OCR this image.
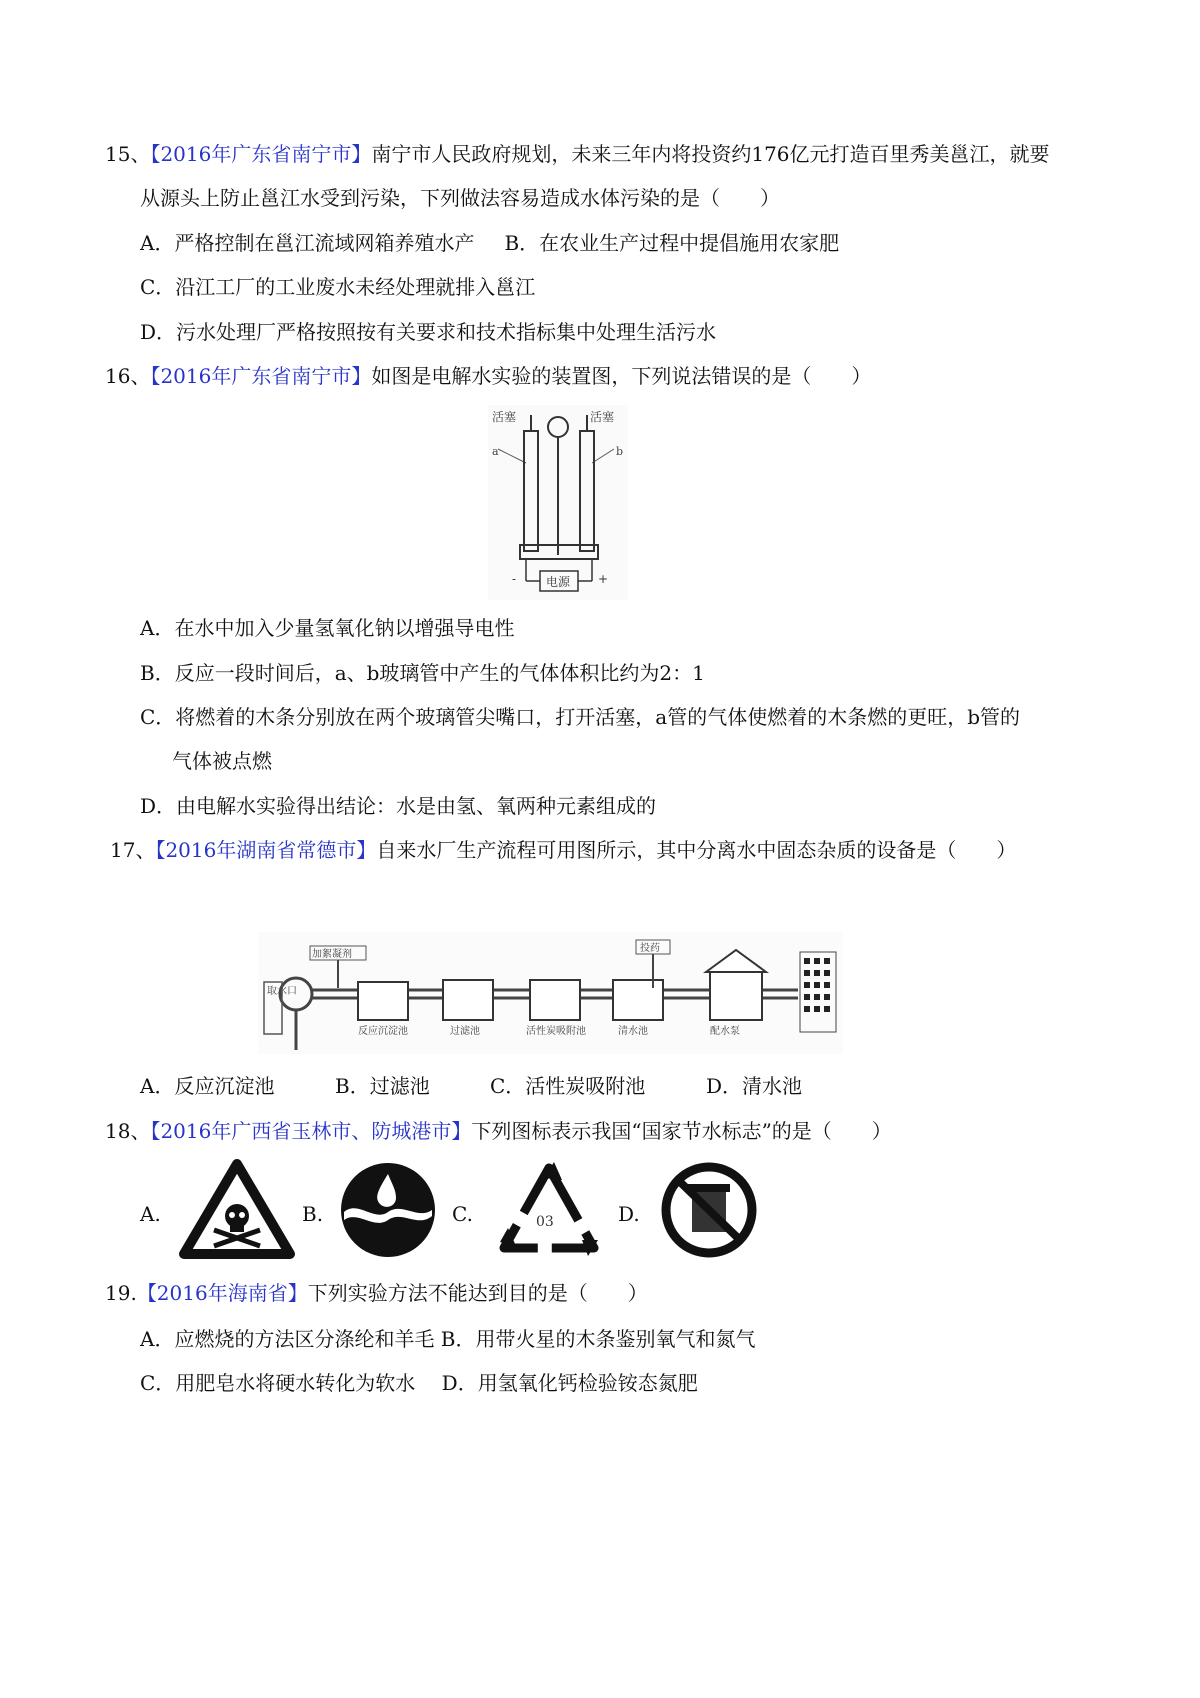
15、【2016年广东省南宁市】南宁市人民政府规划，未来三年内将投资约176亿元打造百里秀美邕江，就要
从源头上防止邕江水受到污染，下列做法容易造成水体污染的是（　　）
A．严格控制在邕江流域网箱养殖水产 B．在农业生产过程中提倡施用农家肥
C．沿江工厂的工业废水未经处理就排入邕江
D．污水处理厂严格按照按有关要求和技术指标集中处理生活污水
16、【2016年广东省南宁市】如图是电解水实验的装置图，下列说法错误的是（　　）
活塞	活塞
a	b
电源
-	+
A．在水中加入少量氢氧化钠以增强导电性
B．反应一段时间后，a、b玻璃管中产生的气体体积比约为2：1
C．将燃着的木条分别放在两个玻璃管尖嘴口，打开活塞，a管的气体使燃着的木条燃的更旺，b管的
气体被点燃
D．由电解水实验得出结论：水是由氢、氧两种元素组成的
17、【2016年湖南省常德市】自来水厂生产流程可用图所示，其中分离水中固态杂质的设备是（　　）
取水口
加絮凝剂
反应沉淀池	过滤池	活性炭吸附池	清水池
投药
配水泵
A．反应沉淀池	B．过滤池	C．活性炭吸附池	D．清水池
18、【2016年广西省玉林市、防城港市】下列图标表示我国“国家节水标志”的是（　　）
A.	B.	C.	03	D.
19.【2016年海南省】下列实验方法不能达到目的是（　　）
A．应燃烧的方法区分涤纶和羊毛 B．用带火星的木条鉴别氧气和氮气
C．用肥皂水将硬水转化为软水　 D．用氢氧化钙检验铵态氮肥
